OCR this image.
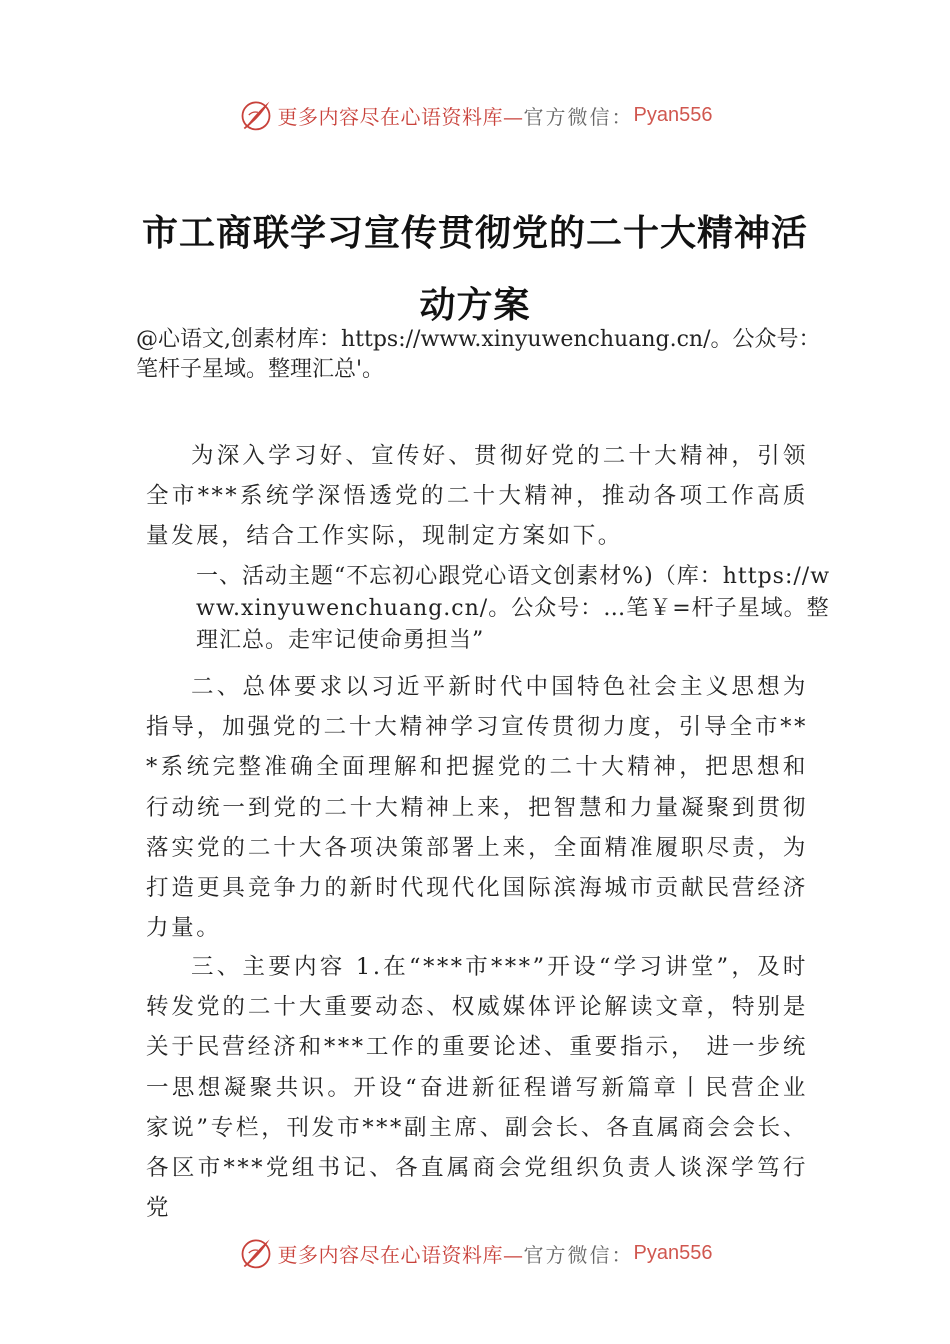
更多内容尽在心语资料库— 官方微信： Pyan556
市工商联学习宣传贯彻党的二十大精神活
动方案

@心语文,创素材库：https://www.xinyuwenchuang.cn/。公众号：笔杆子星域。整理汇总'。

为深入学习好、宣传好、贯彻好党的二十大精神，引领全市***系统学深悟透党的二十大精神，推动各项工作高质量发展，结合工作实际，现制定方案如下。

一、活动主题“不忘初心跟党心语文创素材%)（库：https://www.xinyuwenchuang.cn/。公众号：…笔￥=杆子星域。整理汇总。走牢记使命勇担当”

二、总体要求以习近平新时代中国特色社会主义思想为指导，加强党的二十大精神学习宣传贯彻力度，引导全市***系统完整准确全面理解和把握党的二十大精神，把思想和行动统一到党的二十大精神上来，把智慧和力量凝聚到贯彻落实党的二十大各项决策部署上来，全面精准履职尽责，为打造更具竞争力的新时代现代化国际滨海城市贡献民营经济力量。

三、主要内容 1.在“***市***”开设“学习讲堂”，及时转发党的二十大重要动态、权威媒体评论解读文章，特别是关于民营经济和***工作的重要论述、重要指示， 进一步统一思想凝聚共识。开设“奋进新征程谱写新篇章丨民营企业家说”专栏，刊发市***副主席、副会长、各直属商会会长、各区市***党组书记、各直属商会党组织负责人谈深学笃行党

更多内容尽在心语资料库— 官方微信： Pyan556
